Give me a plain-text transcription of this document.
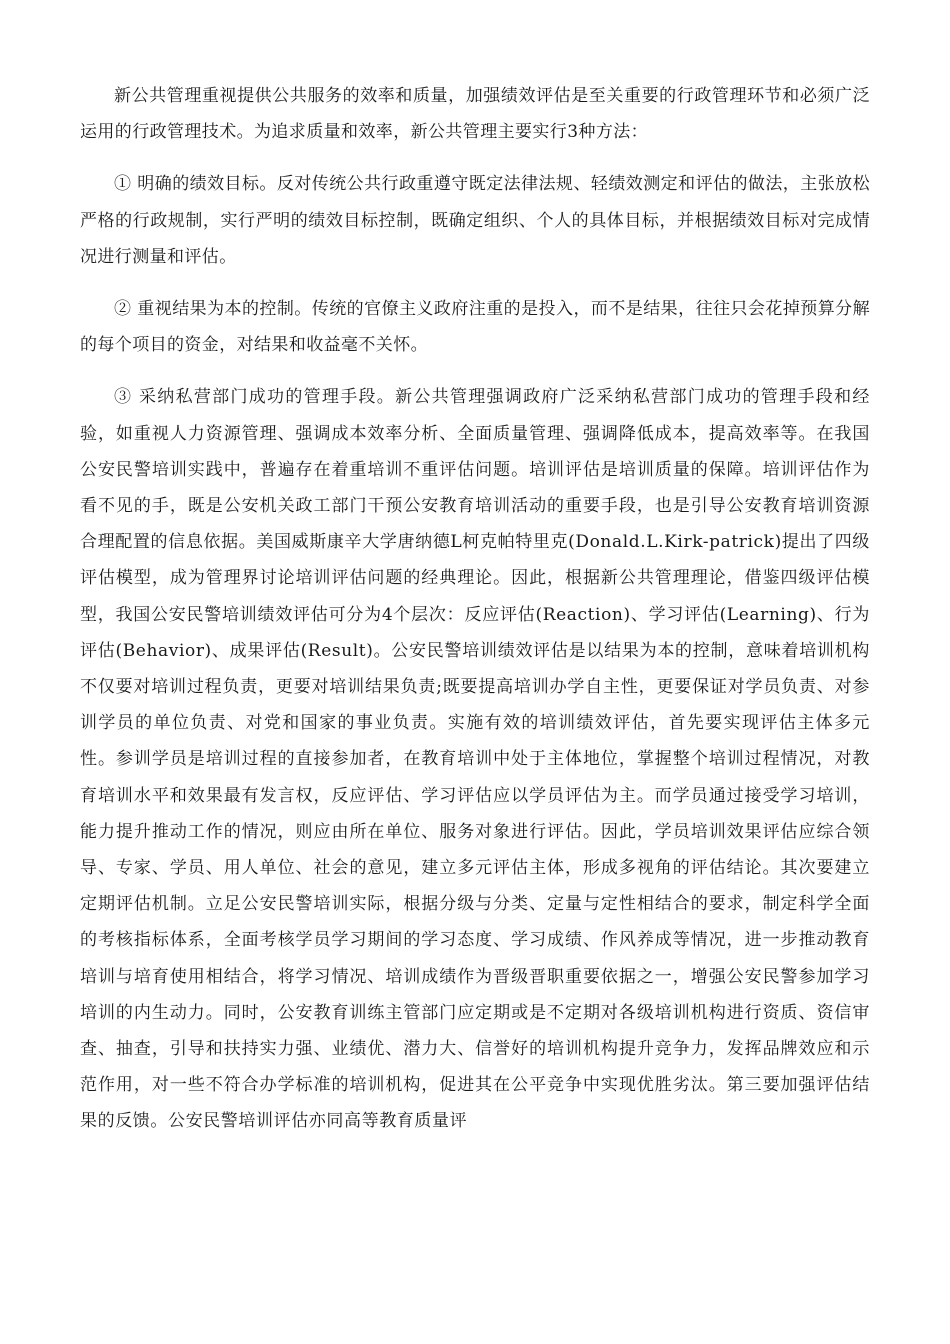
新公共管理重视提供公共服务的效率和质量，加强绩效评估是至关重要的行政管理环节和必须广泛运用的行政管理技术。为追求质量和效率，新公共管理主要实行3种方法：

① 明确的绩效目标。反对传统公共行政重遵守既定法律法规、轻绩效测定和评估的做法，主张放松严格的行政规制，实行严明的绩效目标控制，既确定组织、个人的具体目标，并根据绩效目标对完成情况进行测量和评估。

② 重视结果为本的控制。传统的官僚主义政府注重的是投入，而不是结果，往往只会花掉预算分解的每个项目的资金，对结果和收益毫不关怀。

③ 采纳私营部门成功的管理手段。新公共管理强调政府广泛采纳私营部门成功的管理手段和经验，如重视人力资源管理、强调成本效率分析、全面质量管理、强调降低成本，提高效率等。在我国公安民警培训实践中，普遍存在着重培训不重评估问题。培训评估是培训质量的保障。培训评估作为看不见的手，既是公安机关政工部门干预公安教育培训活动的重要手段，也是引导公安教育培训资源合理配置的信息依据。美国威斯康辛大学唐纳德L柯克帕特里克(Donald.L.Kirk-patrick)提出了四级评估模型，成为管理界讨论培训评估问题的经典理论。因此，根据新公共管理理论，借鉴四级评估模型，我国公安民警培训绩效评估可分为4个层次：反应评估(Reaction)、学习评估(Learning)、行为评估(Behavior)、成果评估(Result)。公安民警培训绩效评估是以结果为本的控制，意味着培训机构不仅要对培训过程负责，更要对培训结果负责;既要提高培训办学自主性，更要保证对学员负责、对参训学员的单位负责、对党和国家的事业负责。实施有效的培训绩效评估，首先要实现评估主体多元性。参训学员是培训过程的直接参加者，在教育培训中处于主体地位，掌握整个培训过程情况，对教育培训水平和效果最有发言权，反应评估、学习评估应以学员评估为主。而学员通过接受学习培训，能力提升推动工作的情况，则应由所在单位、服务对象进行评估。因此，学员培训效果评估应综合领导、专家、学员、用人单位、社会的意见，建立多元评估主体，形成多视角的评估结论。其次要建立定期评估机制。立足公安民警培训实际，根据分级与分类、定量与定性相结合的要求，制定科学全面的考核指标体系，全面考核学员学习期间的学习态度、学习成绩、作风养成等情况，进一步推动教育培训与培育使用相结合，将学习情况、培训成绩作为晋级晋职重要依据之一，增强公安民警参加学习培训的内生动力。同时，公安教育训练主管部门应定期或是不定期对各级培训机构进行资质、资信审查、抽查，引导和扶持实力强、业绩优、潜力大、信誉好的培训机构提升竞争力，发挥品牌效应和示范作用，对一些不符合办学标准的培训机构，促进其在公平竞争中实现优胜劣汰。第三要加强评估结果的反馈。公安民警培训评估亦同高等教育质量评
